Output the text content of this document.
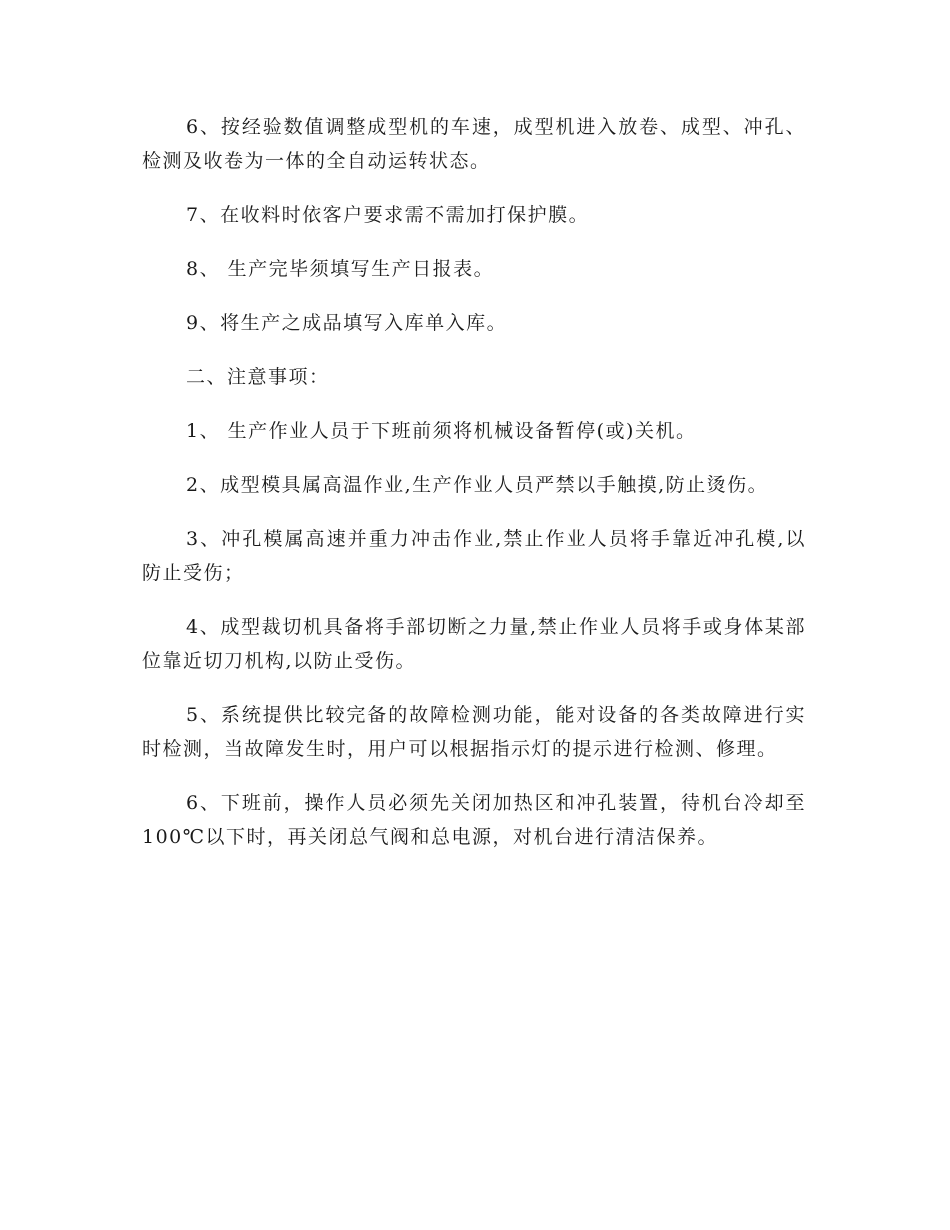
6、按经验数值调整成型机的车速，成型机进入放卷、成型、冲孔、检测及收卷为一体的全自动运转状态。

7、在收料时依客户要求需不需加打保护膜。

8、 生产完毕须填写生产日报表。

9、将生产之成品填写入库单入库。

二、注意事项：

1、 生产作业人员于下班前须将机械设备暂停(或)关机。

2、成型模具属高温作业,生产作业人员严禁以手触摸,防止烫伤。

3、冲孔模属高速并重力冲击作业,禁止作业人员将手靠近冲孔模,以防止受伤；

4、成型裁切机具备将手部切断之力量,禁止作业人员将手或身体某部位靠近切刀机构,以防止受伤。

5、系统提供比较完备的故障检测功能，能对设备的各类故障进行实时检测，当故障发生时，用户可以根据指示灯的提示进行检测、修理。

6、下班前，操作人员必须先关闭加热区和冲孔装置，待机台冷却至100℃以下时，再关闭总气阀和总电源，对机台进行清洁保养。
